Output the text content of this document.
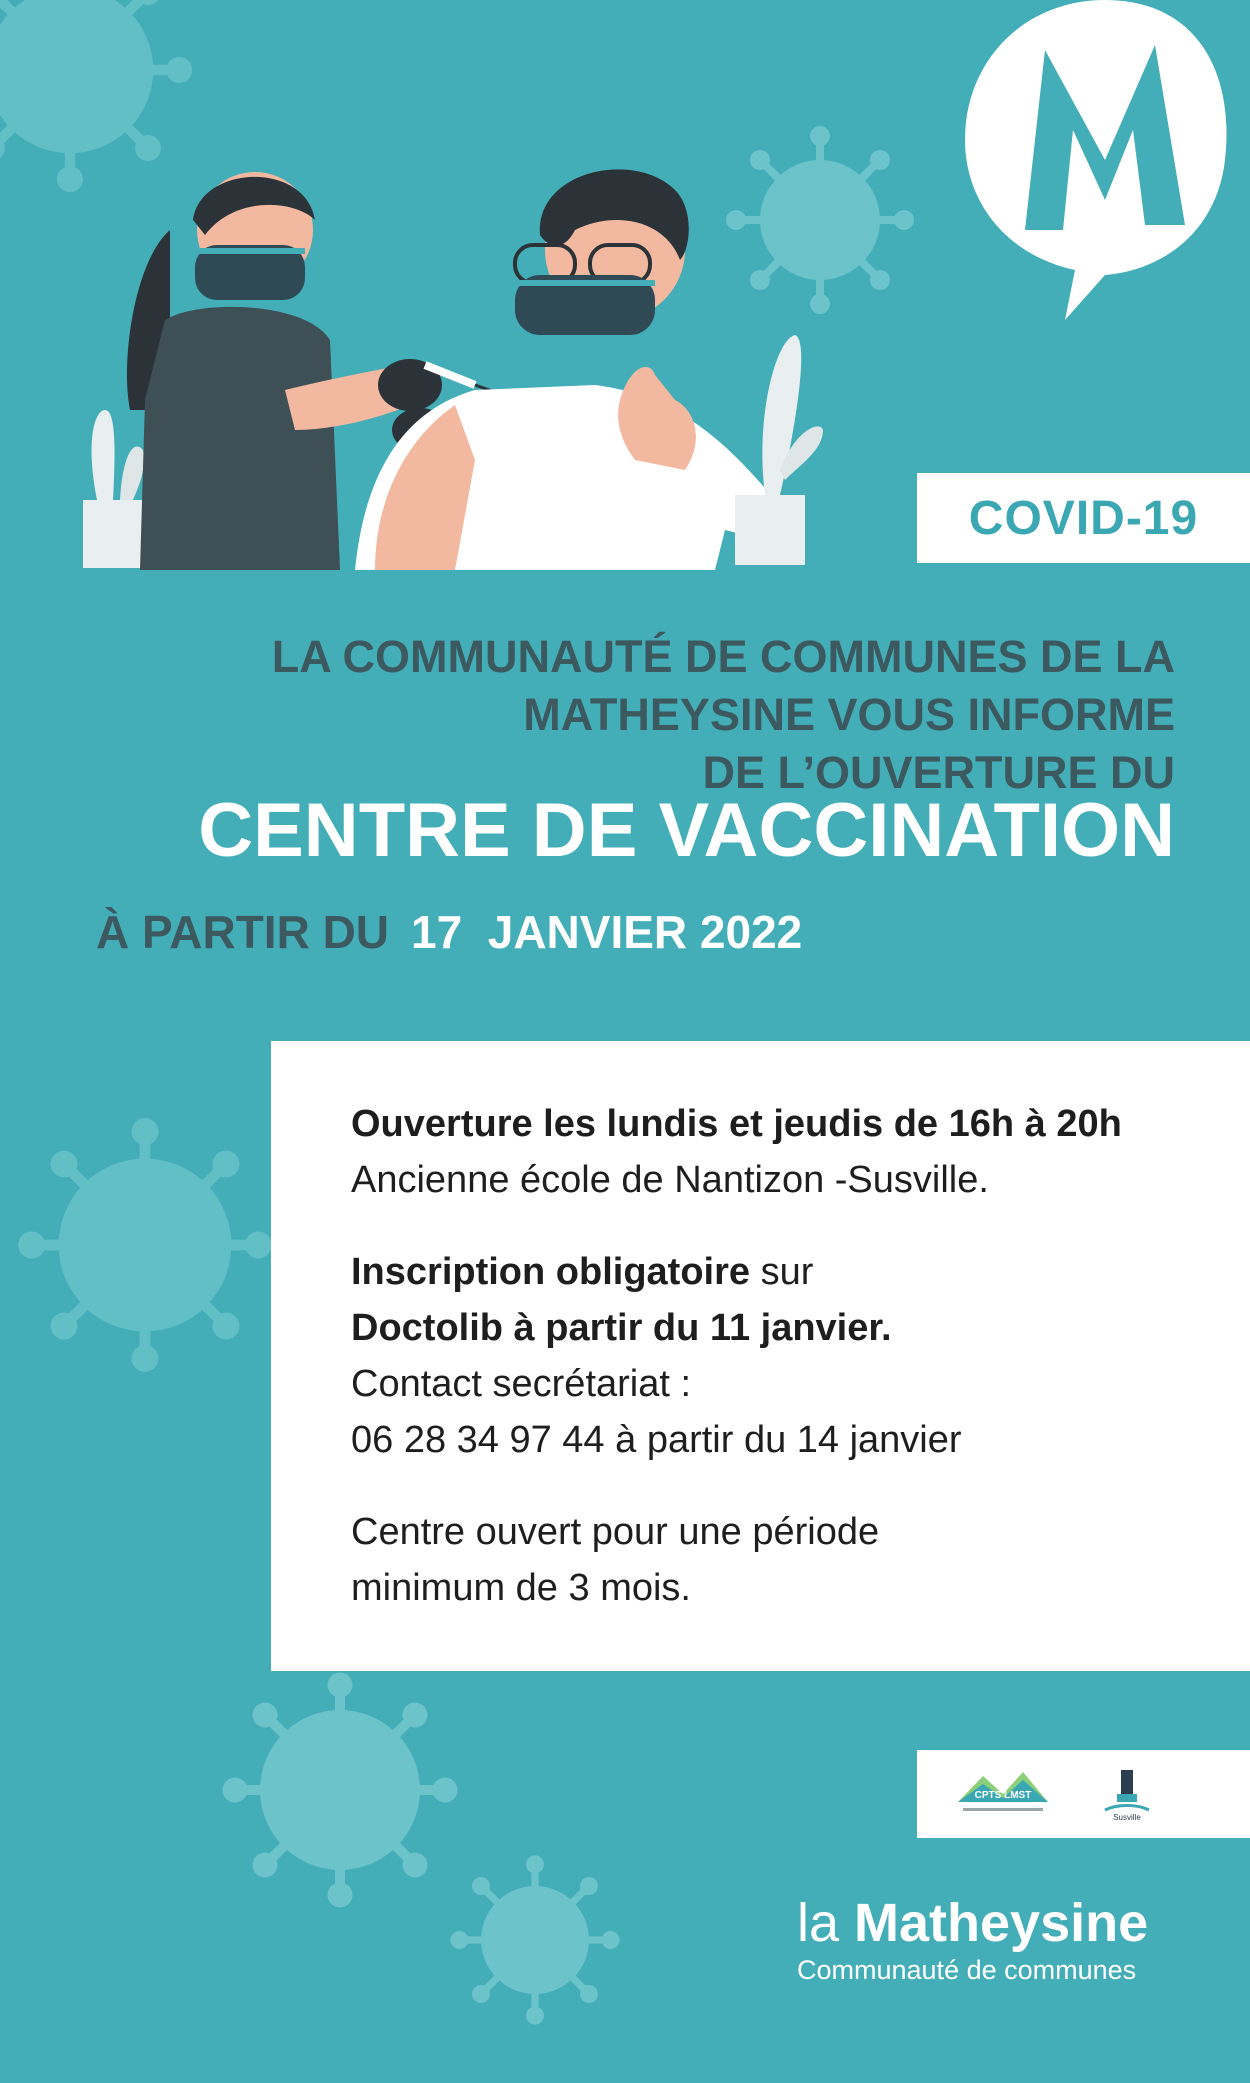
COVID-19
LA COMMUNAUTÉ DE COMMUNES DE LA
MATHEYSINE VOUS INFORME
DE L’OUVERTURE DU
CENTRE DE VACCINATION
À PARTIR DU 17  JANVIER 2022

Ouverture les lundis et jeudis de 16h à 20h
Ancienne école de Nantizon -Susville.

Inscription obligatoire sur
Doctolib à partir du 11 janvier.
Contact secrétariat :
06 28 34 97 44 à partir du 14 janvier

Centre ouvert pour une période
minimum de 3 mois.

CPTS LMST
Susville
la Matheysine
Communauté de communes
